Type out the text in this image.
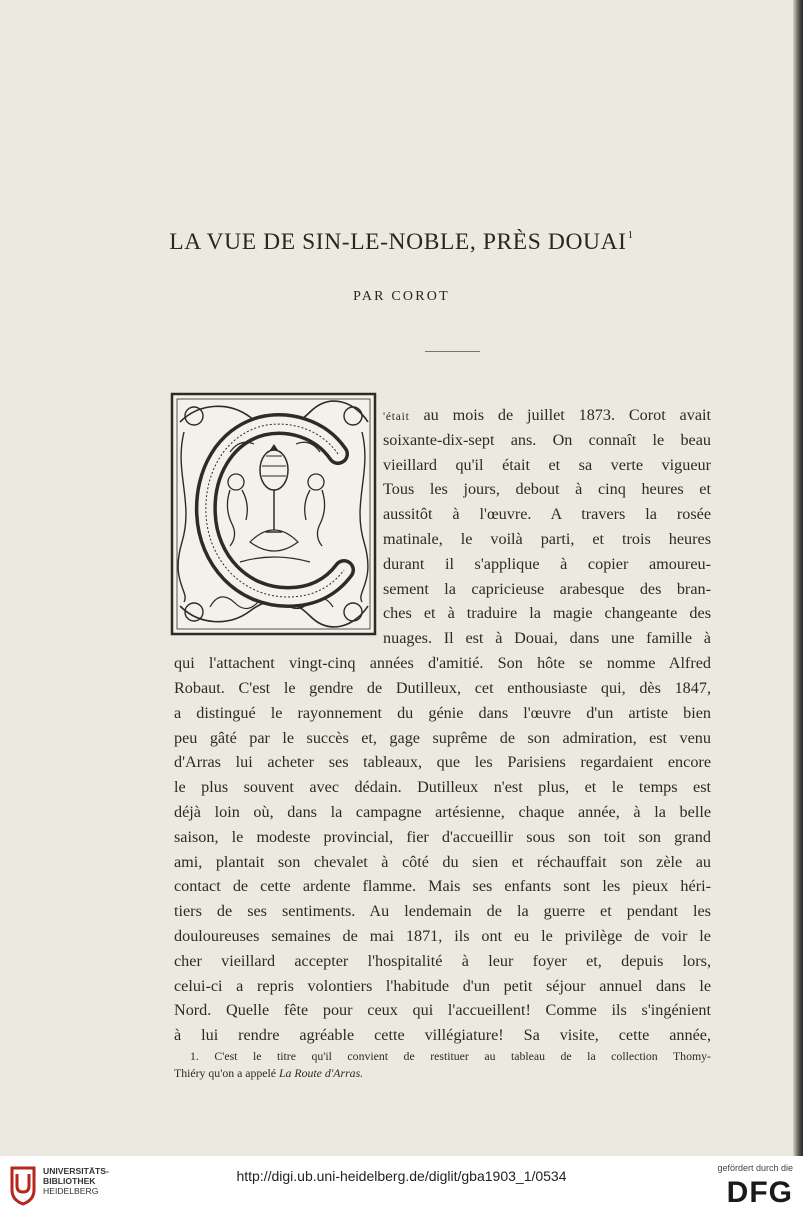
LA VUE DE SIN-LE-NOBLE, PRÈS DOUAI$^1$
PAR COROT
'était au mois de juillet 1873. Corot avait
soixante-dix-sept ans. On connaît le beau
vieillard qu'il était et sa verte vigueur
Tous les jours, debout à cinq heures et
aussitôt à l'œuvre. A travers la rosée
matinale, le voilà parti, et trois heures
durant il s'applique à copier amoureu-
sement la capricieuse arabesque des bran-
ches et à traduire la magie changeante des
nuages. Il est à Douai, dans une famille à
qui l'attachent vingt-cinq années d'amitié. Son hôte se nomme Alfred
Robaut. C'est le gendre de Dutilleux, cet enthousiaste qui, dès 1847,
a distingué le rayonnement du génie dans l'œuvre d'un artiste bien
peu gâté par le succès et, gage suprême de son admiration, est venu
d'Arras lui acheter ses tableaux, que les Parisiens regardaient encore
le plus souvent avec dédain. Dutilleux n'est plus, et le temps est
déjà loin où, dans la campagne artésienne, chaque année, à la belle
saison, le modeste provincial, fier d'accueillir sous son toit son grand
ami, plantait son chevalet à côté du sien et réchauffait son zèle au
contact de cette ardente flamme. Mais ses enfants sont les pieux héri-
tiers de ses sentiments. Au lendemain de la guerre et pendant les
douloureuses semaines de mai 1871, ils ont eu le privilège de voir le
cher vieillard accepter l'hospitalité à leur foyer et, depuis lors,
celui-ci a repris volontiers l'habitude d'un petit séjour annuel dans le
Nord. Quelle fête pour ceux qui l'accueillent! Comme ils s'ingénient
à lui rendre agréable cette villégiature! Sa visite, cette année,
1. C'est le titre qu'il convient de restituer au tableau de la collection Thomy-
Thiéry qu'on a appelé La Route d'Arras.
UNIVERSITÄTS-
BIBLIOTHEK
HEIDELBERG
http://digi.ub.uni-heidelberg.de/diglit/gba1903_1/0534	gefördert durch die
DFG
